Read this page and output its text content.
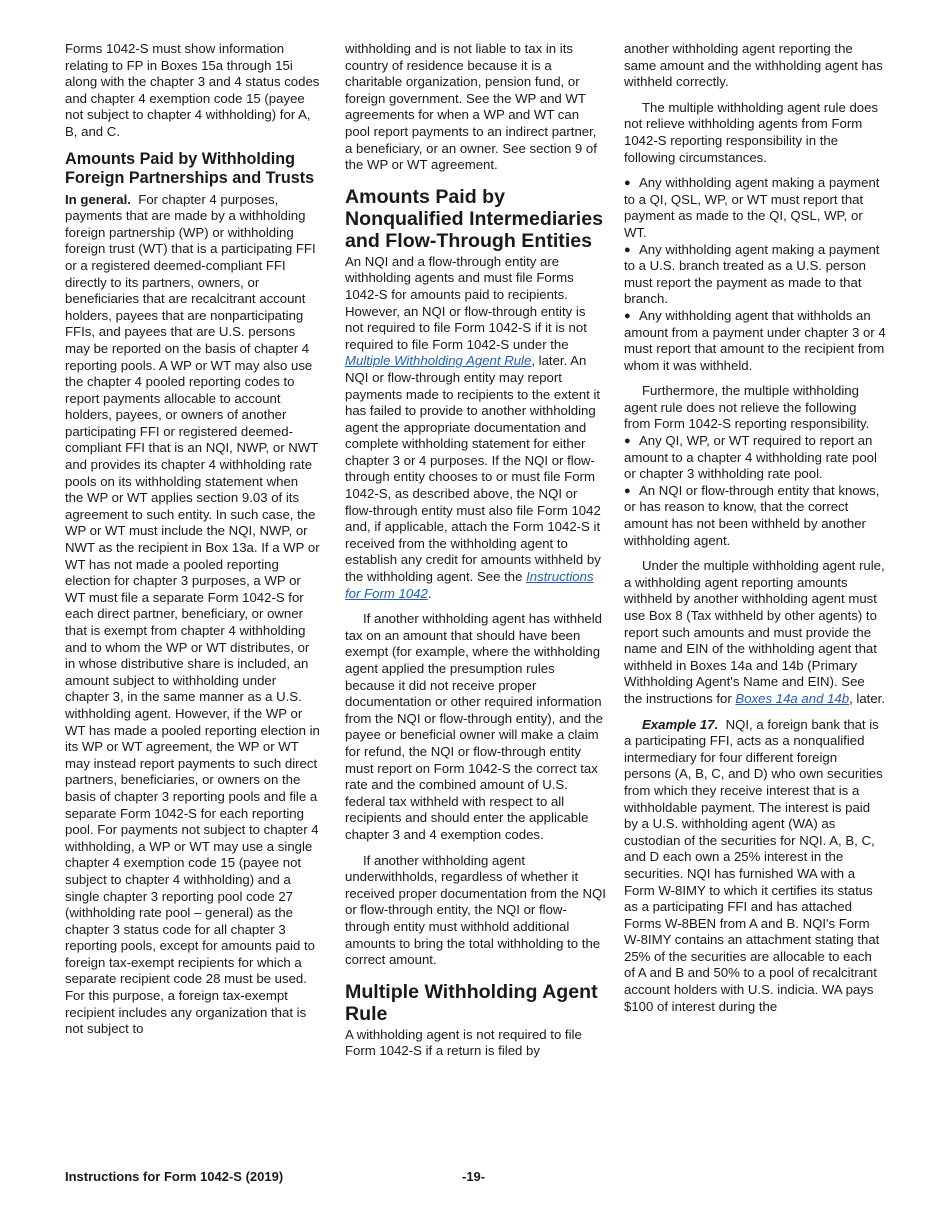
Forms 1042-S must show information relating to FP in Boxes 15a through 15i along with the chapter 3 and 4 status codes and chapter 4 exemption code 15 (payee not subject to chapter 4 withholding) for A, B, and C.

Amounts Paid by Withholding Foreign Partnerships and Trusts

In general. For chapter 4 purposes, payments that are made by a withholding foreign partnership (WP) or withholding foreign trust (WT) that is a participating FFI or a registered deemed-compliant FFI directly to its partners, owners, or beneficiaries that are recalcitrant account holders, payees that are nonparticipating FFIs, and payees that are U.S. persons may be reported on the basis of chapter 4 reporting pools. A WP or WT may also use the chapter 4 pooled reporting codes to report payments allocable to account holders, payees, or owners of another participating FFI or registered deemed-compliant FFI that is an NQI, NWP, or NWT and provides its chapter 4 withholding rate pools on its withholding statement when the WP or WT applies section 9.03 of its agreement to such entity. In such case, the WP or WT must include the NQI, NWP, or NWT as the recipient in Box 13a. If a WP or WT has not made a pooled reporting election for chapter 3 purposes, a WP or WT must file a separate Form 1042-S for each direct partner, beneficiary, or owner that is exempt from chapter 4 withholding and to whom the WP or WT distributes, or in whose distributive share is included, an amount subject to withholding under chapter 3, in the same manner as a U.S. withholding agent. However, if the WP or WT has made a pooled reporting election in its WP or WT agreement, the WP or WT may instead report payments to such direct partners, beneficiaries, or owners on the basis of chapter 3 reporting pools and file a separate Form 1042-S for each reporting pool. For payments not subject to chapter 4 withholding, a WP or WT may use a single chapter 4 exemption code 15 (payee not subject to chapter 4 withholding) and a single chapter 3 reporting pool code 27 (withholding rate pool – general) as the chapter 3 status code for all chapter 3 reporting pools, except for amounts paid to foreign tax-exempt recipients for which a separate recipient code 28 must be used. For this purpose, a foreign tax-exempt recipient includes any organization that is not subject to

withholding and is not liable to tax in its country of residence because it is a charitable organization, pension fund, or foreign government. See the WP and WT agreements for when a WP and WT can pool report payments to an indirect partner, a beneficiary, or an owner. See section 9 of the WP or WT agreement.

Amounts Paid by Nonqualified Intermediaries and Flow-Through Entities

An NQI and a flow-through entity are withholding agents and must file Forms 1042-S for amounts paid to recipients. However, an NQI or flow-through entity is not required to file Form 1042-S if it is not required to file Form 1042-S under the Multiple Withholding Agent Rule, later. An NQI or flow-through entity may report payments made to recipients to the extent it has failed to provide to another withholding agent the appropriate documentation and complete withholding statement for either chapter 3 or 4 purposes. If the NQI or flow-through entity chooses to or must file Form 1042-S, as described above, the NQI or flow-through entity must also file Form 1042 and, if applicable, attach the Form 1042-S it received from the withholding agent to establish any credit for amounts withheld by the withholding agent. See the Instructions for Form 1042.

If another withholding agent has withheld tax on an amount that should have been exempt (for example, where the withholding agent applied the presumption rules because it did not receive proper documentation or other required information from the NQI or flow-through entity), and the payee or beneficial owner will make a claim for refund, the NQI or flow-through entity must report on Form 1042-S the correct tax rate and the combined amount of U.S. federal tax withheld with respect to all recipients and should enter the applicable chapter 3 and 4 exemption codes.

If another withholding agent underwithholds, regardless of whether it received proper documentation from the NQI or flow-through entity, the NQI or flow-through entity must withhold additional amounts to bring the total withholding to the correct amount.

Multiple Withholding Agent Rule

A withholding agent is not required to file Form 1042-S if a return is filed by

another withholding agent reporting the same amount and the withholding agent has withheld correctly.

The multiple withholding agent rule does not relieve withholding agents from Form 1042-S reporting responsibility in the following circumstances.

● Any withholding agent making a payment to a QI, QSL, WP, or WT must report that payment as made to the QI, QSL, WP, or WT.
● Any withholding agent making a payment to a U.S. branch treated as a U.S. person must report the payment as made to that branch.
● Any withholding agent that withholds an amount from a payment under chapter 3 or 4 must report that amount to the recipient from whom it was withheld.

Furthermore, the multiple withholding agent rule does not relieve the following from Form 1042-S reporting responsibility.

● Any QI, WP, or WT required to report an amount to a chapter 4 withholding rate pool or chapter 3 withholding rate pool.
● An NQI or flow-through entity that knows, or has reason to know, that the correct amount has not been withheld by another withholding agent.

Under the multiple withholding agent rule, a withholding agent reporting amounts withheld by another withholding agent must use Box 8 (Tax withheld by other agents) to report such amounts and must provide the name and EIN of the withholding agent that withheld in Boxes 14a and 14b (Primary Withholding Agent's Name and EIN). See the instructions for Boxes 14a and 14b, later.

Example 17. NQI, a foreign bank that is a participating FFI, acts as a nonqualified intermediary for four different foreign persons (A, B, C, and D) who own securities from which they receive interest that is a withholdable payment. The interest is paid by a U.S. withholding agent (WA) as custodian of the securities for NQI. A, B, C, and D each own a 25% interest in the securities. NQI has furnished WA with a Form W-8IMY to which it certifies its status as a participating FFI and has attached Forms W-8BEN from A and B. NQI's Form W-8IMY contains an attachment stating that 25% of the securities are allocable to each of A and B and 50% to a pool of recalcitrant account holders with U.S. indicia. WA pays $100 of interest during the

Instructions for Form 1042-S (2019)	-19-
